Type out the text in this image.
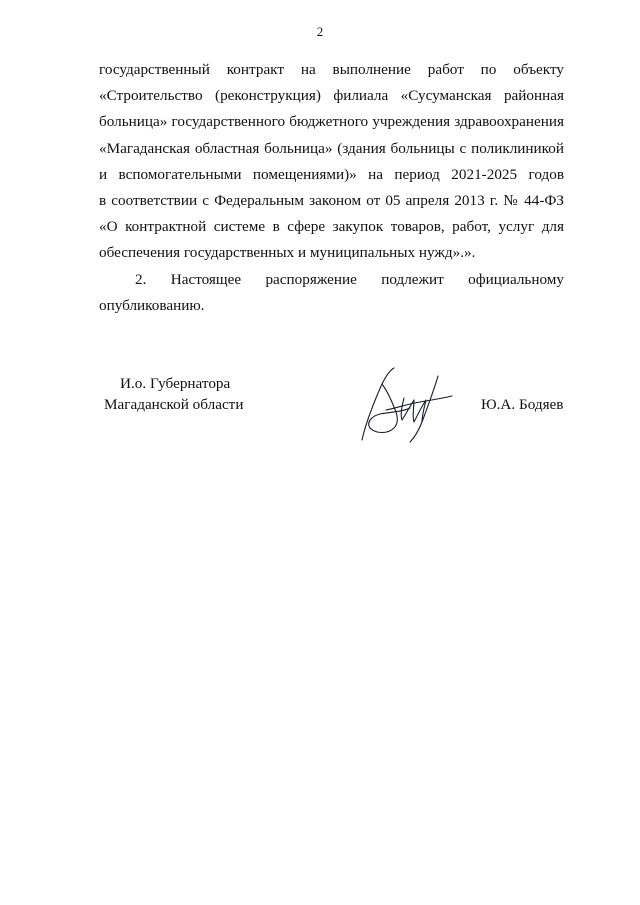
2
государственный контракт на выполнение работ по объекту
«Строительство (реконструкция) филиала «Сусуманская районная
больница» государственного бюджетного учреждения здравоохранения
«Магаданская областная больница» (здания больницы с поликлиникой
и вспомогательными помещениями)» на период 2021-2025 годов
в соответствии с Федеральным законом от 05 апреля 2013 г. № 44-ФЗ
«О контрактной системе в сфере закупок товаров, работ, услуг для
обеспечения государственных и муниципальных нужд».».
2. Настоящее распоряжение подлежит официальному
опубликованию.
И.о. Губернатора
Магаданской области	Ю.А. Бодяев
